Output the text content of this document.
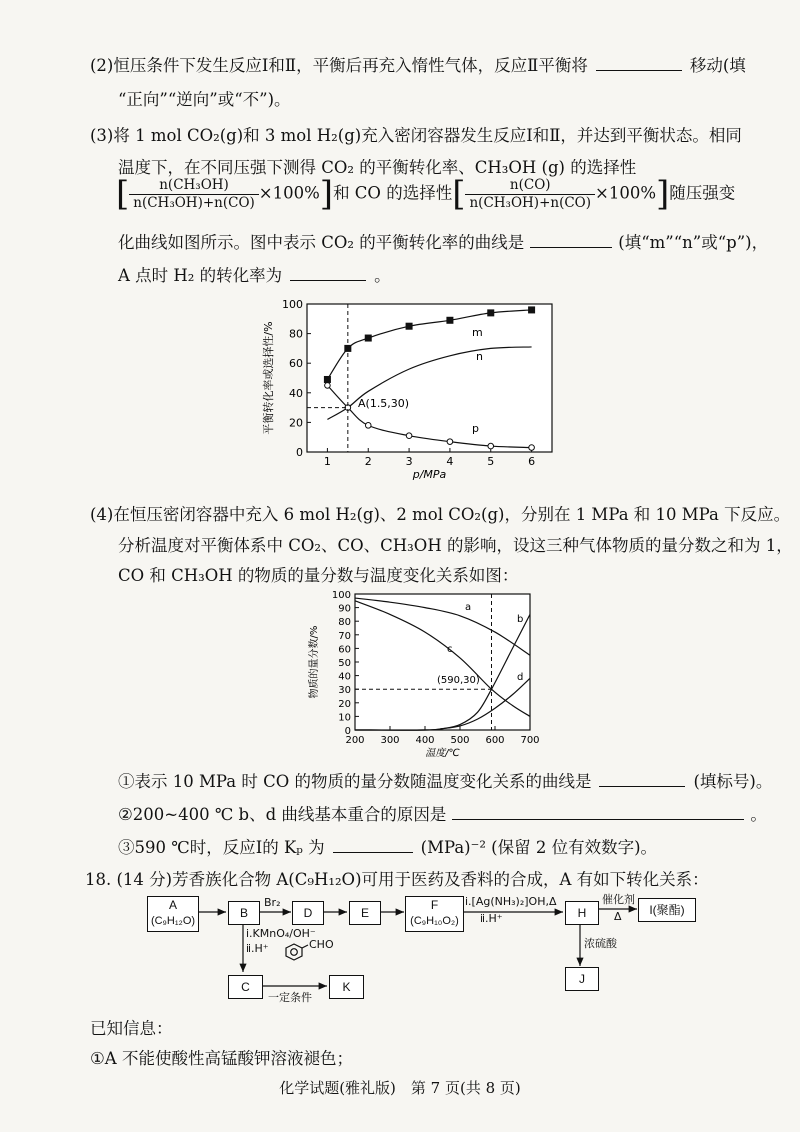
(2)恒压条件下发生反应Ⅰ和Ⅱ，平衡后再充入惰性气体，反应Ⅱ平衡将	移动(填
“正向”“逆向”或“不”)。
(3)将 1 mol CO₂(g)和 3 mol H₂(g)充入密闭容器发生反应Ⅰ和Ⅱ，并达到平衡状态。相同
温度下，在不同压强下测得 CO₂ 的平衡转化率、CH₃OH (g) 的选择性
[ $\frac{\text{n(CH₃OH)}}{\text{n(CH₃OH)+n(CO)}} \times 100\%$]和 CO 的选择性[ $\frac{n(CO)}{\text{n(CH₃OH)+n(CO)}} \times 100\%$]随压强变
化曲线如图所示。图中表示 CO₂ 的平衡转化率的曲线是	(填“m”“n”或“p”)，
A 点时 H₂ 的转化率为	。
0
20
40
60
80
100
1	2	3	4	5	6
p/MPa
平衡转化率或选择性/%	m
n
p
A(1.5,30)
(4)在恒压密闭容器中充入 6 mol H₂(g)、2 mol CO₂(g)，分别在 1 MPa 和 10 MPa 下反应。
分析温度对平衡体系中 CO₂、CO、CH₃OH 的影响，设这三种气体物质的量分数之和为 1，
CO 和 CH₃OH 的物质的量分数与温度变化关系如图：
0
10
20
30
40
50
60
70
80
90
100
200 300 400 500 600 700
温度/℃
物质的量分数/%
a
c
b
d
(590,30)
①表示 10 MPa 时 CO 的物质的量分数随温度变化关系的曲线是	(填标号)。
②200~400 ℃ b、d 曲线基本重合的原因是	。
③590 ℃时，反应Ⅰ的 Kₚ 为	(MPa)⁻² (保留 2 位有效数字)。
18. (14 分)芳香族化合物 A(C₉H₁₂O)可用于医药及香料的合成，A 有如下转化关系：
Br₂	ⅰ.[Ag(NH₃)₂]OH,Δ
ⅱ.H⁺
催化剂
Δ
浓硫酸
ⅰ.KMnO₄/OH⁻
ⅱ.H⁺	CHO
一定条件
A
(C₉H₁₂O)
B	D	E
F
(C₉H₁₀O₂)
H	I(聚酯)
J
C	K
已知信息：
①A 不能使酸性高锰酸钾溶液褪色；
化学试题(雅礼版)　第 7 页(共 8 页)
